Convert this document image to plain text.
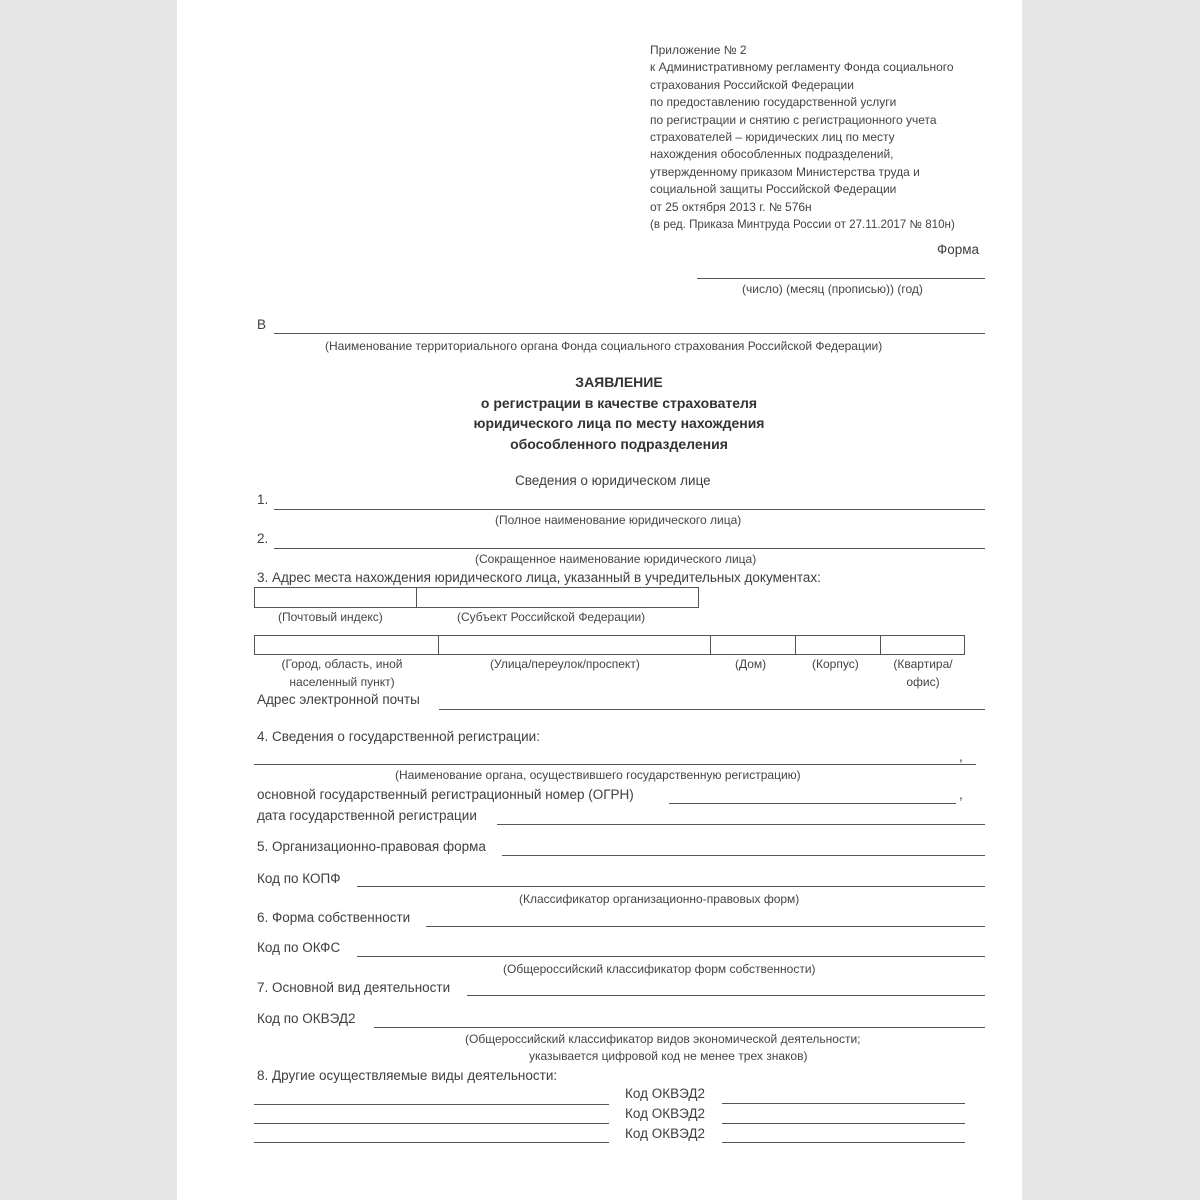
Приложение № 2
к Административному регламенту Фонда социального
страхования Российской Федерации
по предоставлению государственной услуги
по регистрации и снятию с регистрационного учета
страхователей – юридических лиц по месту
нахождения обособленных подразделений,
утвержденному приказом Министерства труда и
социальной защиты Российской Федерации
от 25 октября 2013 г. № 576н
(в ред. Приказа Минтруда России от 27.11.2017 № 810н)
Форма
(число) (месяц (прописью)) (год)
В
(Наименование территориального органа Фонда социального страхования Российской Федерации)
ЗАЯВЛЕНИЕ
о регистрации в качестве страхователя
юридического лица по месту нахождения
обособленного подразделения
Сведения о юридическом лице
1.
(Полное наименование юридического лица)
2.
(Сокращенное наименование юридического лица)
3. Адрес места нахождения юридического лица, указанный в учредительных документах:
(Почтовый индекс)	(Субъект Российской Федерации)
(Город, область, иной
населенный пункт)
(Улица/переулок/проспект)	(Дом)	(Корпус)	(Квартира/
офис)
Адрес электронной почты
4. Сведения о государственной регистрации:
,
(Наименование органа, осуществившего государственную регистрацию)
основной государственный регистрационный номер (ОГРН)	,
дата государственной регистрации
5. Организационно-правовая форма
Код по КОПФ
(Классификатор организационно-правовых форм)
6. Форма собственности
Код по ОКФС
(Общероссийский классификатор форм собственности)
7. Основной вид деятельности
Код по ОКВЭД2
(Общероссийский классификатор видов экономической деятельности;
указывается цифровой код не менее трех знаков)
8. Другие осуществляемые виды деятельности:
Код ОКВЭД2
Код ОКВЭД2
Код ОКВЭД2
